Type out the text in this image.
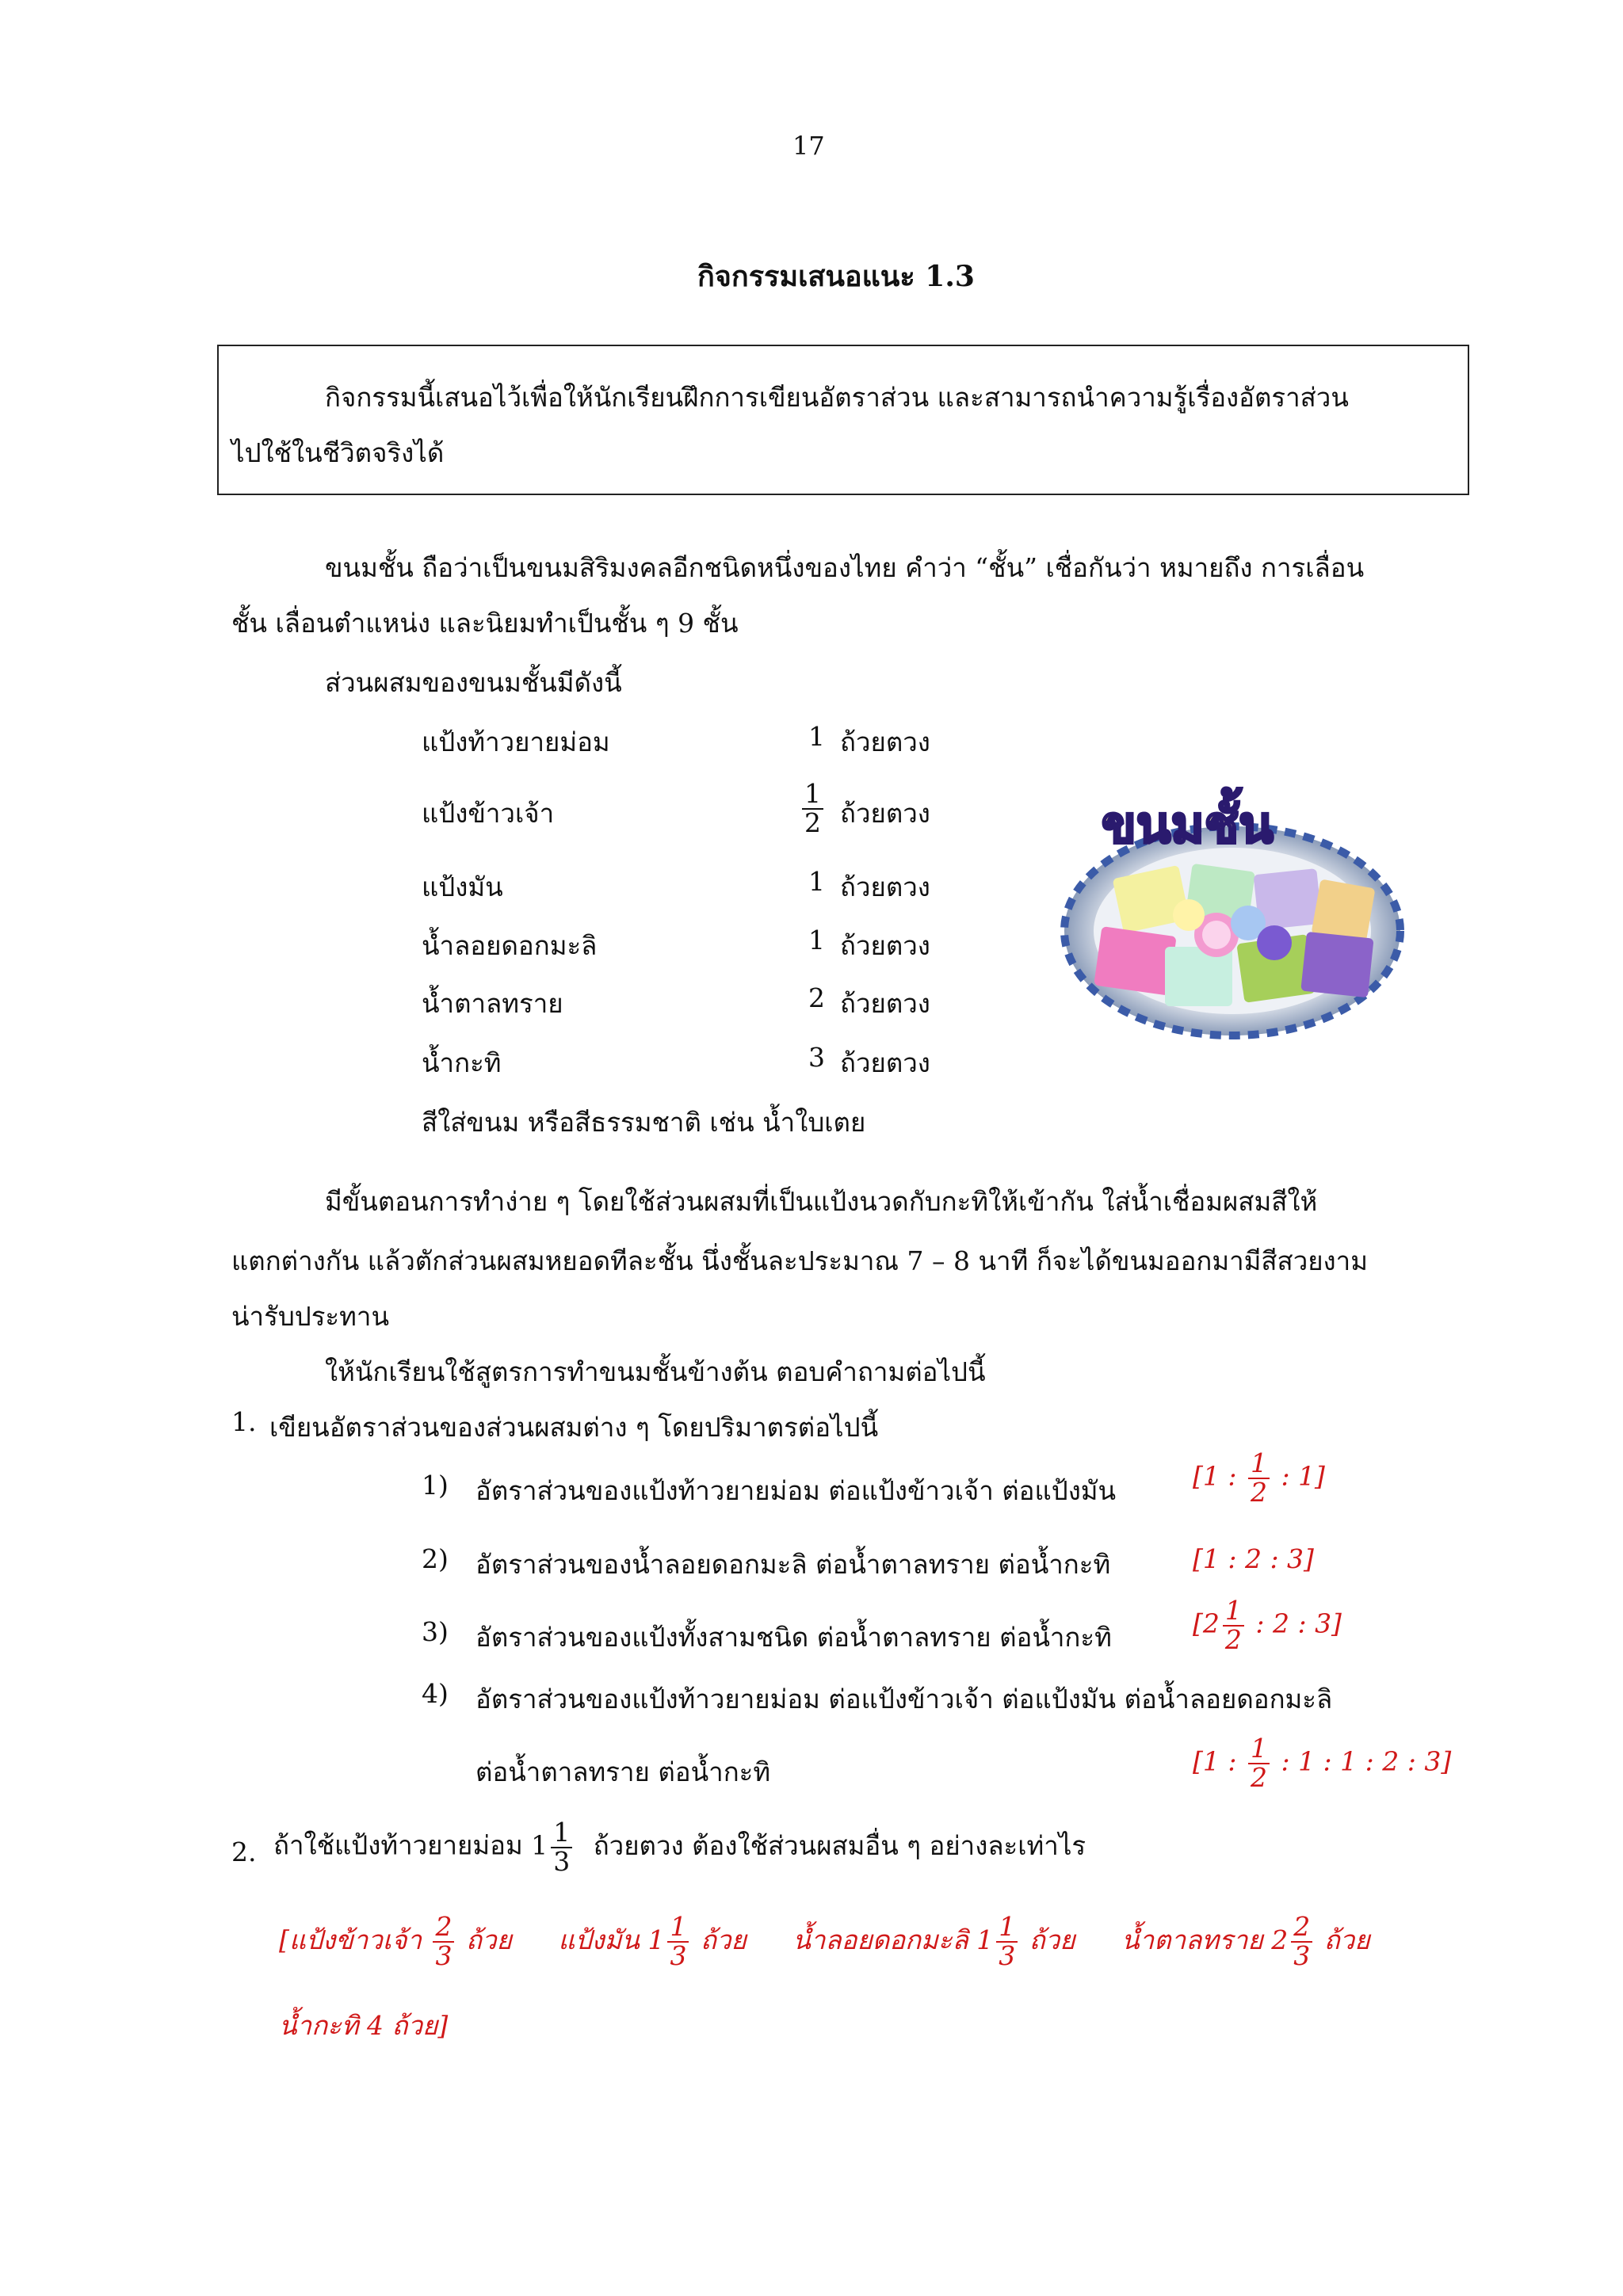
17
กิจกรรมเสนอแนะ 1.3
กิจกรรมนี้เสนอไว้เพื่อให้นักเรียนฝึกการเขียนอัตราส่วน และสามารถนำความรู้เรื่องอัตราส่วน
ไปใช้ในชีวิตจริงได้
ขนมชั้น ถือว่าเป็นขนมสิริมงคลอีกชนิดหนึ่งของไทย คำว่า “ชั้น” เชื่อกันว่า หมายถึง การเลื่อน
ชั้น เลื่อนตำแหน่ง และนิยมทำเป็นชั้น ๆ 9 ชั้น
ส่วนผสมของขนมชั้นมีดังนี้
แป้งท้าวยายม่อม	1 ถ้วยตวง
แป้งข้าวเจ้า	$\frac{1}{2}$ ถ้วยตวง
แป้งมัน	1 ถ้วยตวง
น้ำลอยดอกมะลิ	1 ถ้วยตวง
น้ำตาลทราย	2 ถ้วยตวง
น้ำกะทิ	3 ถ้วยตวง
สีใส่ขนม หรือสีธรรมชาติ เช่น น้ำใบเตย
ขนมชั้น
มีขั้นตอนการทำง่าย ๆ โดยใช้ส่วนผสมที่เป็นแป้งนวดกับกะทิให้เข้ากัน ใส่น้ำเชื่อมผสมสีให้
แตกต่างกัน แล้วตักส่วนผสมหยอดทีละชั้น นึ่งชั้นละประมาณ 7 – 8 นาที ก็จะได้ขนมออกมามีสีสวยงาม
น่ารับประทาน
ให้นักเรียนใช้สูตรการทำขนมชั้นข้างต้น ตอบคำถามต่อไปนี้
1. เขียนอัตราส่วนของส่วนผสมต่าง ๆ โดยปริมาตรต่อไปนี้
1) อัตราส่วนของแป้งท้าวยายม่อม ต่อแป้งข้าวเจ้า ต่อแป้งมัน	[1 : $\frac{1}{2}$ : 1]
2) อัตราส่วนของน้ำลอยดอกมะลิ ต่อน้ำตาลทราย ต่อน้ำกะทิ	[1 : 2 : 3]
3) อัตราส่วนของแป้งทั้งสามชนิด ต่อน้ำตาลทราย ต่อน้ำกะทิ	[$2 \frac{1}{2}$ : 2 : 3]
4) อัตราส่วนของแป้งท้าวยายม่อม ต่อแป้งข้าวเจ้า ต่อแป้งมัน ต่อน้ำลอยดอกมะลิ
ต่อน้ำตาลทราย ต่อน้ำกะทิ	[1 : $\frac{1}{2}$ : 1 : 1 : 2 : 3]
2. ถ้าใช้แป้งท้าวยายม่อม $1 \frac{1}{3}$ ถ้วยตวง ต้องใช้ส่วนผสมอื่น ๆ อย่างละเท่าไร
[แป้งข้าวเจ้า $\frac{2}{3}$ ถ้วย แป้งมัน $1 \frac{1}{3}$ ถ้วย น้ำลอยดอกมะลิ $1 \frac{1}{3}$ ถ้วย น้ำตาลทราย $2 \frac{2}{3}$ ถ้วย
น้ำกะทิ 4 ถ้วย]
